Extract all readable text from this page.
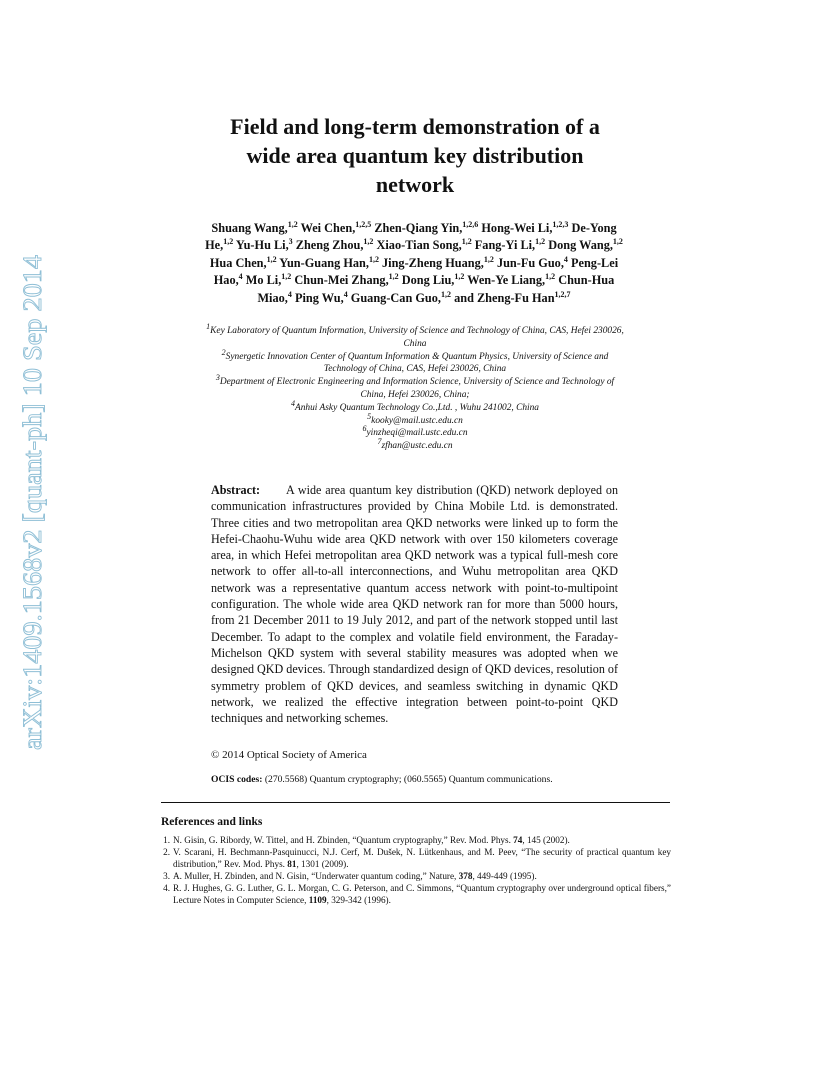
arXiv:1409.1568v2 [quant-ph] 10 Sep 2014
Field and long-term demonstration of a
wide area quantum key distribution
network
Shuang Wang,$^{1,2}$ Wei Chen,$^{1,2,5}$ Zhen-Qiang Yin,$^{1,2,6}$ Hong-Wei Li,$^{1,2,3}$ De-Yong He,$^{1,2}$ Yu-Hu Li,$^3$ Zheng Zhou,$^{1,2}$ Xiao-Tian Song,$^{1,2}$ Fang-Yi Li,$^{1,2}$ Dong Wang,$^{1,2}$ Hua Chen,$^{1,2}$ Yun-Guang Han,$^{1,2}$ Jing-Zheng Huang,$^{1,2}$ Jun-Fu Guo,$^4$ Peng-Lei Hao,$^4$ Mo Li,$^{1,2}$ Chun-Mei Zhang,$^{1,2}$ Dong Liu,$^{1,2}$ Wen-Ye Liang,$^{1,2}$ Chun-Hua Miao,$^4$ Ping Wu,$^4$ Guang-Can Guo,$^{1,2}$ and Zheng-Fu Han$^{1,2,7}$
$^1$Key Laboratory of Quantum Information, University of Science and Technology of China, CAS, Hefei 230026, China
$^2$Synergetic Innovation Center of Quantum Information & Quantum Physics, University of Science and Technology of China, CAS, Hefei 230026, China
$^3$Department of Electronic Engineering and Information Science, University of Science and Technology of China, Hefei 230026, China;
$^4$Anhui Asky Quantum Technology Co.,Ltd. , Wuhu 241002, China
$^5$kooky@mail.ustc.edu.cn
$^6$yinzheqi@mail.ustc.edu.cn
$^7$zfhan@ustc.edu.cn
Abstract: A wide area quantum key distribution (QKD) network deployed on communication infrastructures provided by China Mobile Ltd. is demonstrated. Three cities and two metropolitan area QKD networks were linked up to form the Hefei-Chaohu-Wuhu wide area QKD network with over 150 kilometers coverage area, in which Hefei metropolitan area QKD network was a typical full-mesh core network to offer all-to-all interconnections, and Wuhu metropolitan area QKD network was a representative quantum access network with point-to-multipoint configuration. The whole wide area QKD network ran for more than 5000 hours, from 21 December 2011 to 19 July 2012, and part of the network stopped until last December. To adapt to the complex and volatile field environment, the Faraday-Michelson QKD system with several stability measures was adopted when we designed QKD devices. Through standardized design of QKD devices, resolution of symmetry problem of QKD devices, and seamless switching in dynamic QKD network, we realized the effective integration between point-to-point QKD techniques and networking schemes.
© 2014 Optical Society of America
OCIS codes: (270.5568) Quantum cryptography; (060.5565) Quantum communications.
References and links
1. N. Gisin, G. Ribordy, W. Tittel, and H. Zbinden, “Quantum cryptography,” Rev. Mod. Phys. 74, 145 (2002).
2. V. Scarani, H. Bechmann-Pasquinucci, N.J. Cerf, M. Dušek, N. Lütkenhaus, and M. Peev, “The security of practical quantum key distribution,” Rev. Mod. Phys. 81, 1301 (2009).
3. A. Muller, H. Zbinden, and N. Gisin, “Underwater quantum coding,” Nature, 378, 449-449 (1995).
4. R. J. Hughes, G. G. Luther, G. L. Morgan, C. G. Peterson, and C. Simmons, “Quantum cryptography over underground optical fibers,” Lecture Notes in Computer Science, 1109, 329-342 (1996).
